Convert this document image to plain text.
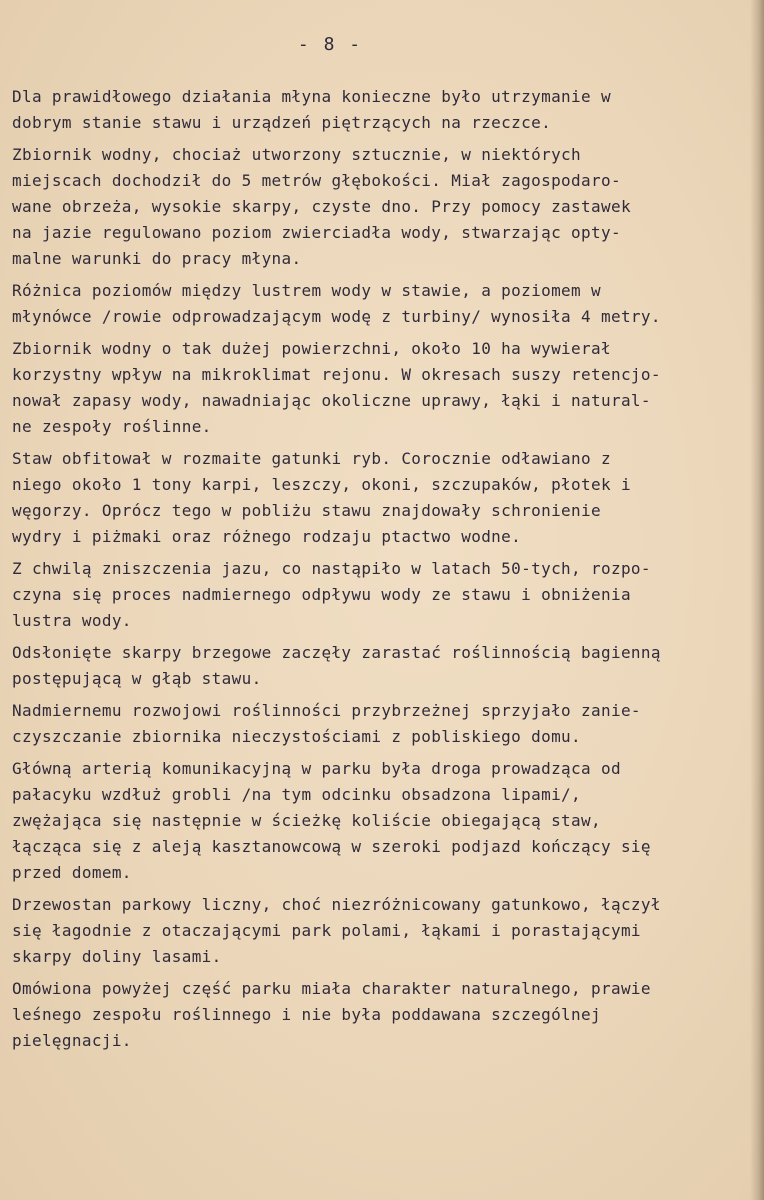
- 8 -
Dla prawidłowego działania młyna konieczne było utrzymanie w
dobrym stanie stawu i urządzeń piętrzących na rzeczce.
Zbiornik wodny, chociaż utworzony sztucznie, w niektórych
miejscach dochodził do 5 metrów głębokości. Miał zagospodaro-
wane obrzeża, wysokie skarpy, czyste dno. Przy pomocy zastawek
na jazie regulowano poziom zwierciadła wody, stwarzając opty-
malne warunki do pracy młyna.
Różnica poziomów między lustrem wody w stawie, a poziomem w
młynówce /rowie odprowadzającym wodę z turbiny/ wynosiła 4 metry.
Zbiornik wodny o tak dużej powierzchni, około 10 ha wywierał
korzystny wpływ na mikroklimat rejonu. W okresach suszy retencjo-
nował zapasy wody, nawadniając okoliczne uprawy, łąki i natural-
ne zespoły roślinne.
Staw obfitował w rozmaite gatunki ryb. Corocznie odławiano z
niego około 1 tony karpi, leszczy, okoni, szczupaków, płotek i
węgorzy. Oprócz tego w pobliżu stawu znajdowały schronienie
wydry i piżmaki oraz różnego rodzaju ptactwo wodne.
Z chwilą zniszczenia jazu, co nastąpiło w latach 50-tych, rozpo-
czyna się proces nadmiernego odpływu wody ze stawu i obniżenia
lustra wody.
Odsłonięte skarpy brzegowe zaczęły zarastać roślinnością bagienną
postępującą w głąb stawu.
Nadmiernemu rozwojowi roślinności przybrzeżnej sprzyjało zanie-
czyszczanie zbiornika nieczystościami z pobliskiego domu.
Główną arterią komunikacyjną w parku była droga prowadząca od
pałacyku wzdłuż grobli /na tym odcinku obsadzona lipami/,
zwężająca się następnie w ścieżkę koliście obiegającą staw,
łącząca się z aleją kasztanowcową w szeroki podjazd kończący się
przed domem.
Drzewostan parkowy liczny, choć niezróżnicowany gatunkowo, łączył
się łagodnie z otaczającymi park polami, łąkami i porastającymi
skarpy doliny lasami.
Omówiona powyżej część parku miała charakter naturalnego, prawie
leśnego zespołu roślinnego i nie była poddawana szczególnej
pielęgnacji.
